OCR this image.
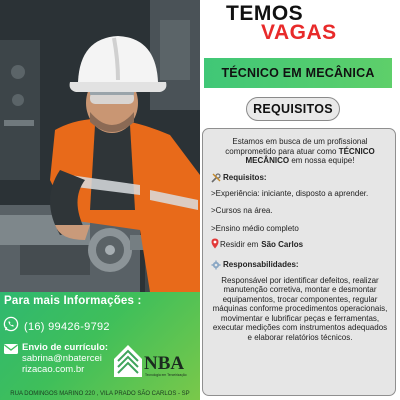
Para mais Informações :
(16) 99426-9792
Envio de currículo:
sabrina@nbatercei
rizacao.com.br	NBA
Tecnologia em Terceirização
RUA DOMINGOS MARINO 220 , VILA PRADO SÃO CARLOS - SP
TEMOS
VAGAS
TÉCNICO EM MECÂNICA
REQUISITOS
Estamos em busca de um profissional comprometido para atuar como TÉCNICO MECÂNICO em nossa equipe!
Requisitos:
>Experiência: iniciante, disposto a aprender.
>Cursos na área.
>Ensino médio completo
Residir em São Carlos
Responsabilidades:
Responsável por identificar defeitos, realizar manutenção corretiva, montar e desmontar equipamentos, trocar componentes, regular máquinas conforme procedimentos operacionais, movimentar e lubrificar peças e ferramentas, executar medições com instrumentos adequados e elaborar relatórios técnicos.
